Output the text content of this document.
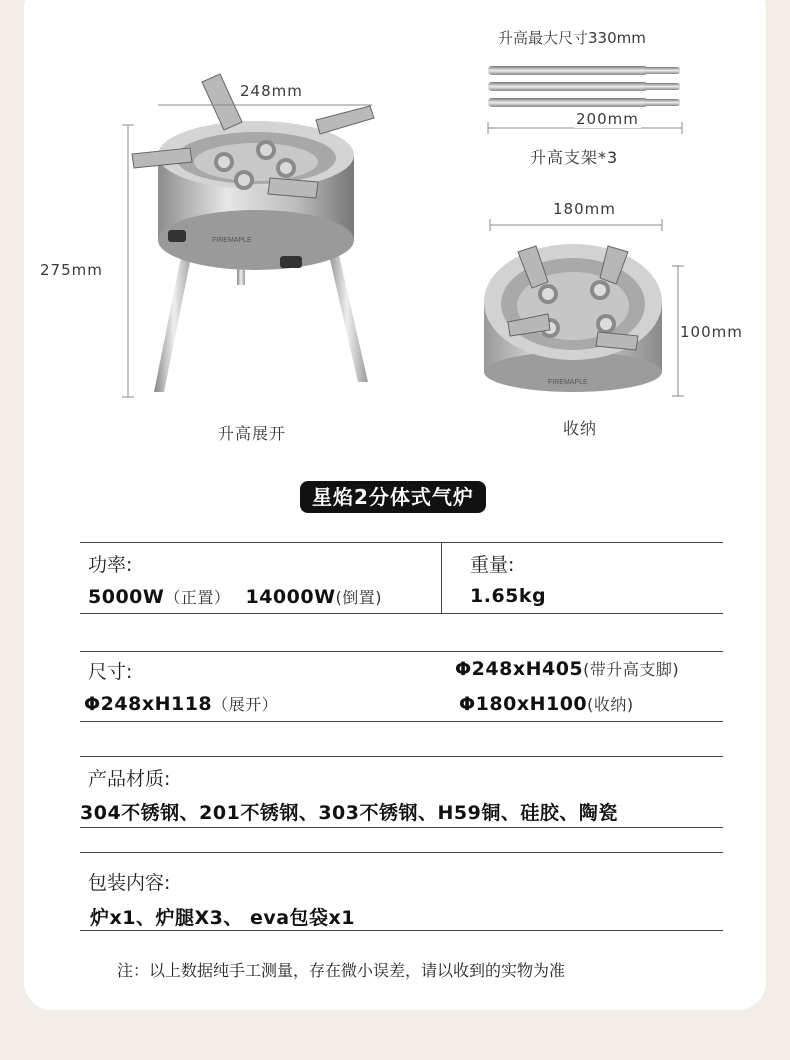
FIREMAPLE
275mm
248mm
升高展开
升高最大尺寸330mm
200mm
升高支架*3
180mm
FIREMAPLE
100mm
收纳
星焰2分体式气炉
功率:
5000W（正置） 14000W(倒置)
重量:
1.65kg
尺寸:	Φ248xH405(带升高支脚)
Φ248xH118（展开）	Φ180xH100(收纳)
产品材质:
304不锈钢、201不锈钢、303不锈钢、H59铜、硅胶、陶瓷
包装内容:
炉x1、炉腿X3、 eva包袋x1
注：以上数据纯手工测量，存在微小误差，请以收到的实物为准
